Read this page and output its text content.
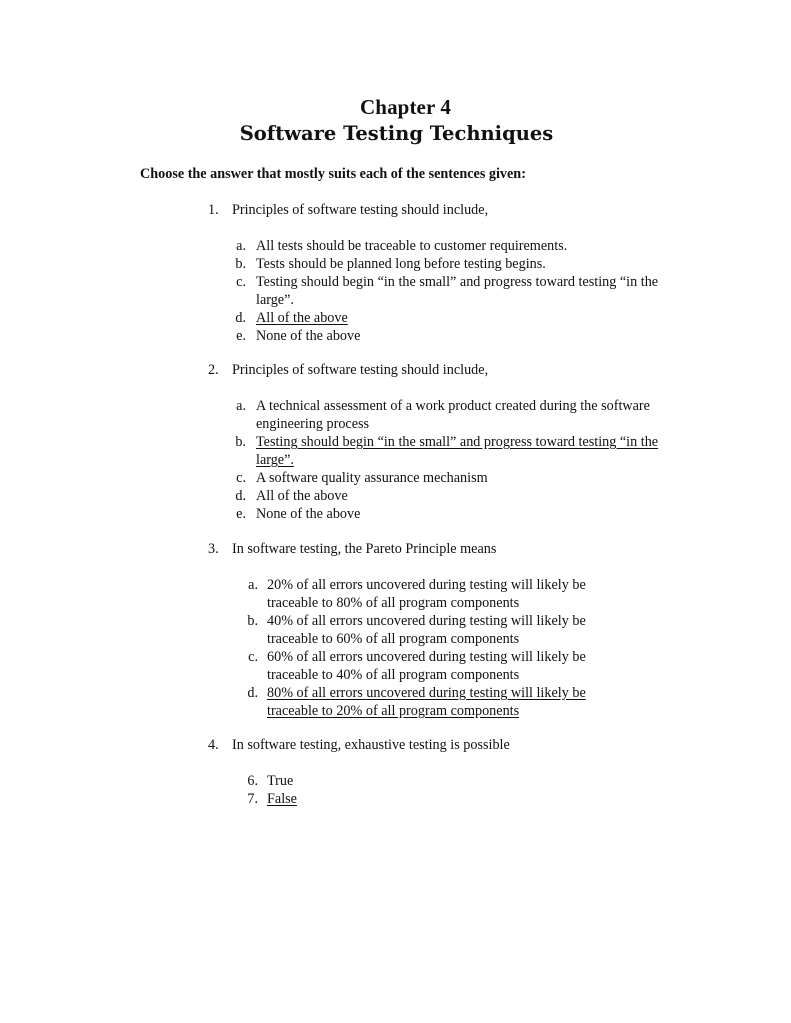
Chapter 4
Software Testing Techniques
Choose the answer that mostly suits each of the sentences given:
1. Principles of software testing should include,
a. All tests should be traceable to customer requirements.
b. Tests should be planned long before testing begins.
c. Testing should begin “in the small” and progress toward testing “in the large”.
d. All of the above
e. None of the above
2. Principles of software testing should include,
a. A technical assessment of a work product created during the software engineering process
b. Testing should begin “in the small” and progress toward testing “in the large”.
c. A software quality assurance mechanism
d. All of the above
e. None of the above
3. In software testing, the Pareto Principle means
a. 20% of all errors uncovered during testing will likely be traceable to 80% of all program components
b. 40% of all errors uncovered during testing will likely be traceable to 60% of all program components
c. 60% of all errors uncovered during testing will likely be traceable to 40% of all program components
d. 80% of all errors uncovered during testing will likely be traceable to 20% of all program components
4. In software testing, exhaustive testing is possible
6. True
7. False
